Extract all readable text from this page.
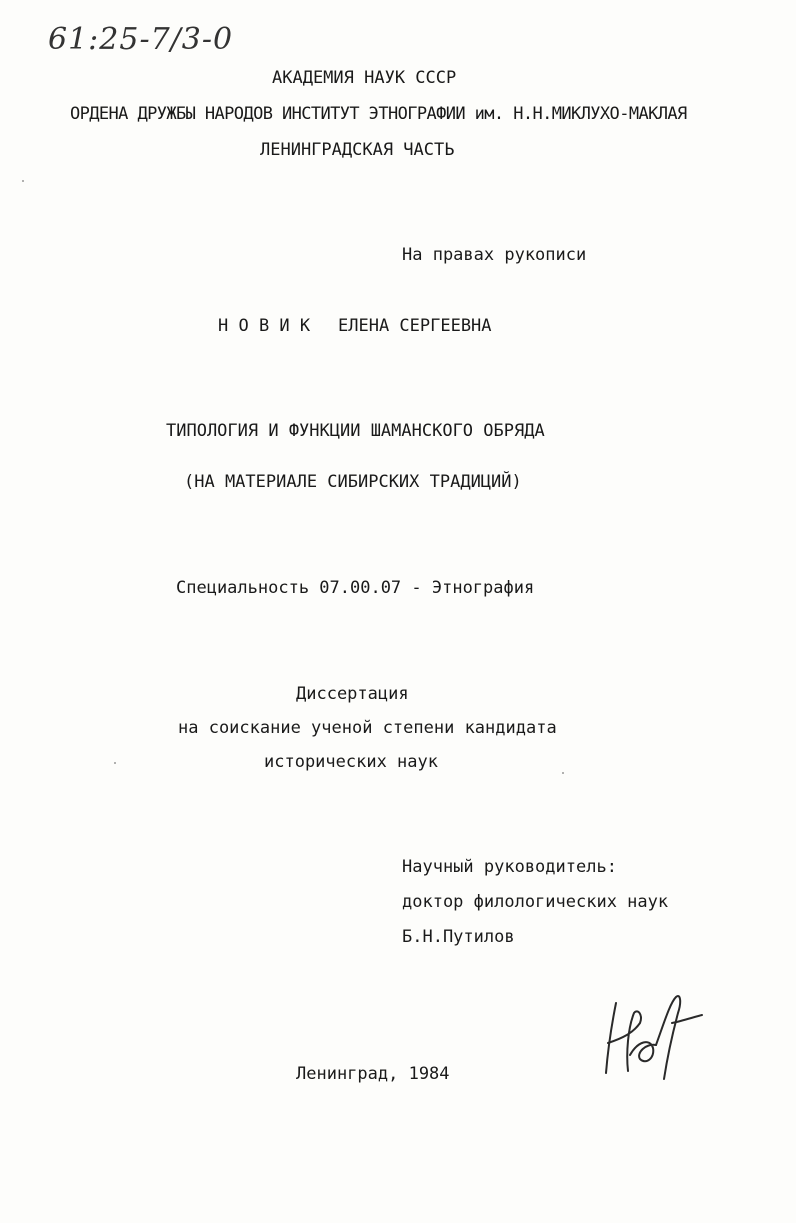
61:25-7/3-0
АКАДЕМИЯ НАУК СССР
ОРДЕНА ДРУЖБЫ НАРОДОВ ИНСТИТУТ ЭТНОГРАФИИ им. Н.Н.МИКЛУХО-МАКЛАЯ
ЛЕНИНГРАДСКАЯ ЧАСТЬ
На правах рукописи
Н О В И К ЕЛЕНА СЕРГЕЕВНА
ТИПОЛОГИЯ И ФУНКЦИИ ШАМАНСКОГО ОБРЯДА
(НА МАТЕРИАЛЕ СИБИРСКИХ ТРАДИЦИЙ)
Специальность 07.00.07 - Этнография
Диссертация
на соискание ученой степени кандидата
исторических наук
Научный руководитель:
доктор филологических наук
Б.Н.Путилов
Ленинград, 1984
